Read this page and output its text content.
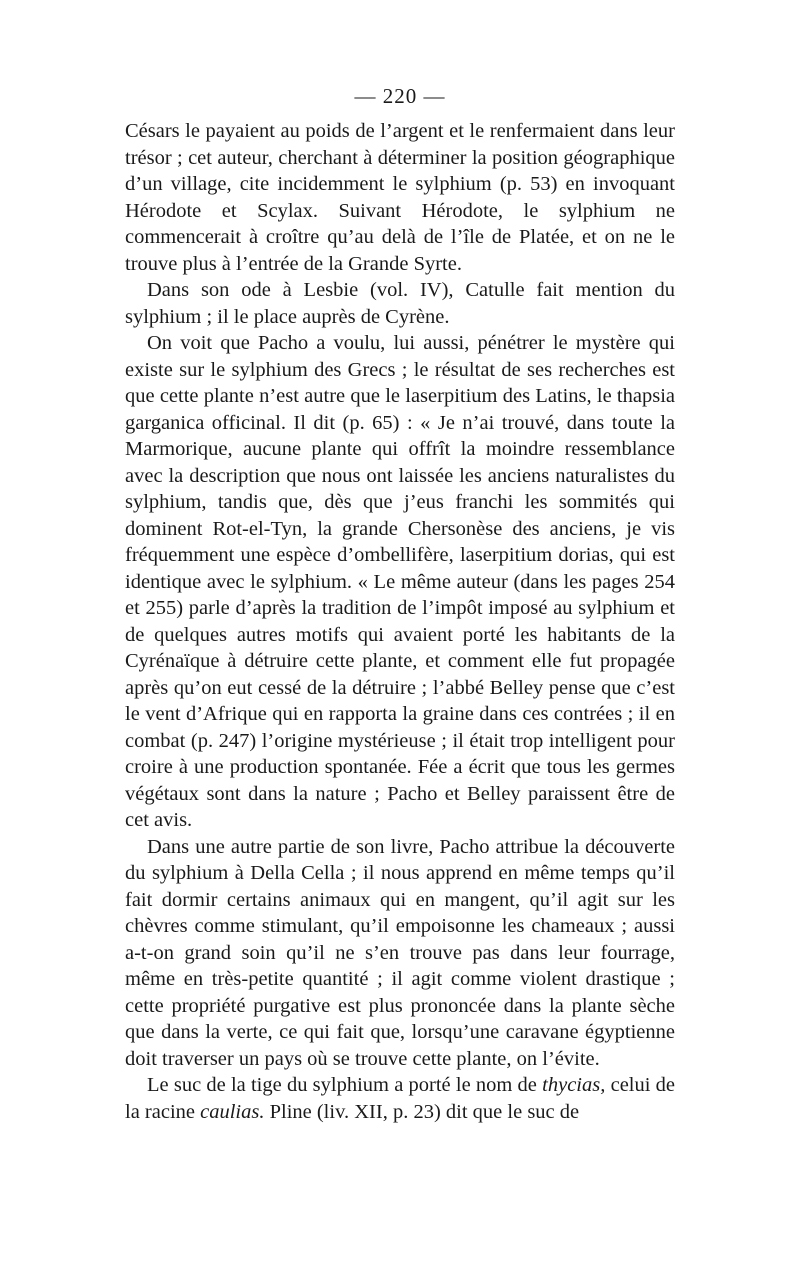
— 220 —

Césars le payaient au poids de l’argent et le renfermaient dans leur trésor ; cet auteur, cherchant à déterminer la position géographique d’un village, cite incidemment le sylphium (p. 53) en invoquant Hérodote et Scylax. Suivant Hérodote, le sylphium ne commencerait à croître qu’au delà de l’île de Platée, et on ne le trouve plus à l’entrée de la Grande Syrte.

Dans son ode à Lesbie (vol. IV), Catulle fait mention du sylphium ; il le place auprès de Cyrène.

On voit que Pacho a voulu, lui aussi, pénétrer le mystère qui existe sur le sylphium des Grecs ; le résultat de ses recherches est que cette plante n’est autre que le laserpitium des Latins, le thapsia garganica officinal. Il dit (p. 65) : « Je n’ai trouvé, dans toute la Marmorique, aucune plante qui offrît la moindre ressemblance avec la description que nous ont laissée les anciens naturalistes du sylphium, tandis que, dès que j’eus franchi les sommités qui dominent Rot-el-Tyn, la grande Chersonèse des anciens, je vis fréquemment une espèce d’ombellifère, laserpitium dorias, qui est identique avec le sylphium. « Le même auteur (dans les pages 254 et 255) parle d’après la tradition de l’impôt imposé au sylphium et de quelques autres motifs qui avaient porté les habitants de la Cyrénaïque à détruire cette plante, et comment elle fut propagée après qu’on eut cessé de la détruire ; l’abbé Belley pense que c’est le vent d’Afrique qui en rapporta la graine dans ces contrées ; il en combat (p. 247) l’origine mystérieuse ; il était trop intelligent pour croire à une production spontanée. Fée a écrit que tous les germes végétaux sont dans la nature ; Pacho et Belley paraissent être de cet avis.

Dans une autre partie de son livre, Pacho attribue la découverte du sylphium à Della Cella ; il nous apprend en même temps qu’il fait dormir certains animaux qui en mangent, qu’il agit sur les chèvres comme stimulant, qu’il empoisonne les chameaux ; aussi a-t-on grand soin qu’il ne s’en trouve pas dans leur fourrage, même en très-petite quantité ; il agit comme violent drastique ; cette propriété purgative est plus prononcée dans la plante sèche que dans la verte, ce qui fait que, lorsqu’une caravane égyptienne doit traverser un pays où se trouve cette plante, on l’évite.

Le suc de la tige du sylphium a porté le nom de thycias, celui de la racine caulias. Pline (liv. XII, p. 23) dit que le suc de
